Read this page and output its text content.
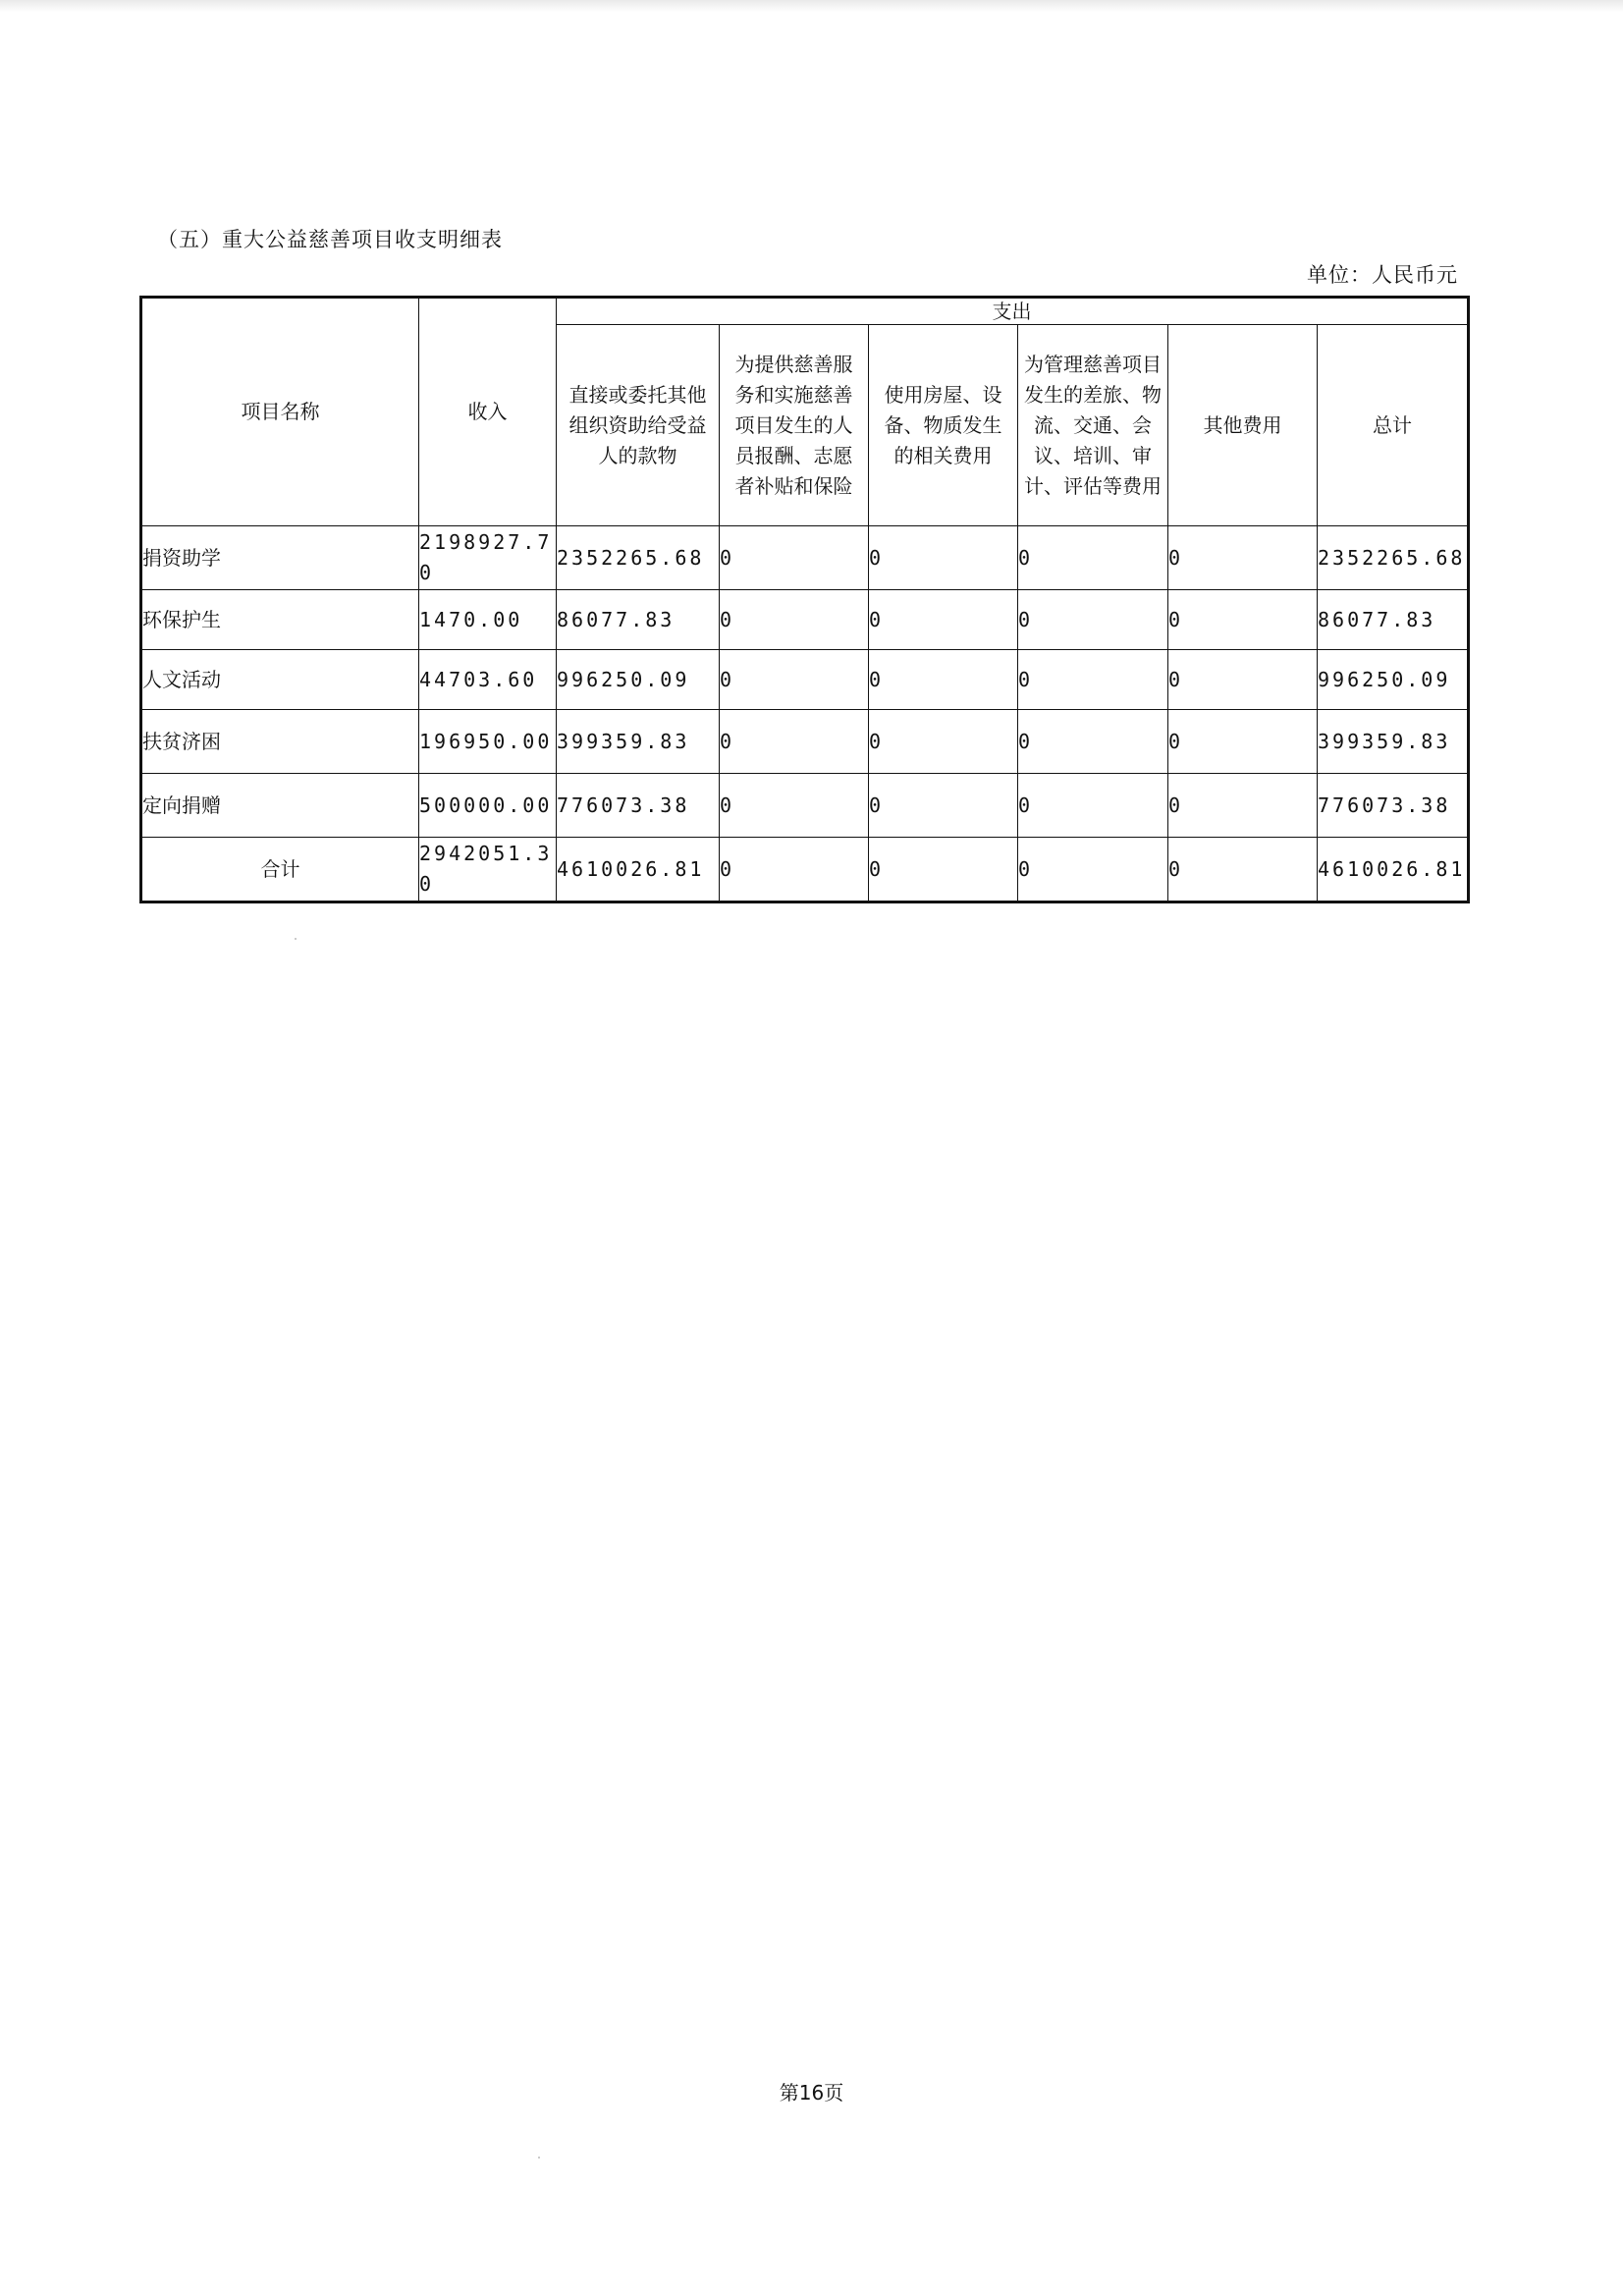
（五）重大公益慈善项目收支明细表
单位：人民币元
项目名称	收入	支出					

		直接或委托其他组织资助给受益人的款物	为提供慈善服务和实施慈善项目发生的人员报酬、志愿者补贴和保险	使用房屋、设备、物质发生的相关费用	为管理慈善项目发生的差旅、物流、交通、会议、培训、审计、评估等费用	其他费用	总计

捐资助学	2198927.70	2352265.68	0	0	0	0	2352265.68
环保护生	1470.00	86077.83	0	0	0	0	86077.83
人文活动	44703.60	996250.09	0	0	0	0	996250.09
扶贫济困	196950.00	399359.83	0	0	0	0	399359.83
定向捐赠	500000.00	776073.38	0	0	0	0	776073.38
合计	2942051.30	4610026.81	0	0	0	0	4610026.81
第16页
